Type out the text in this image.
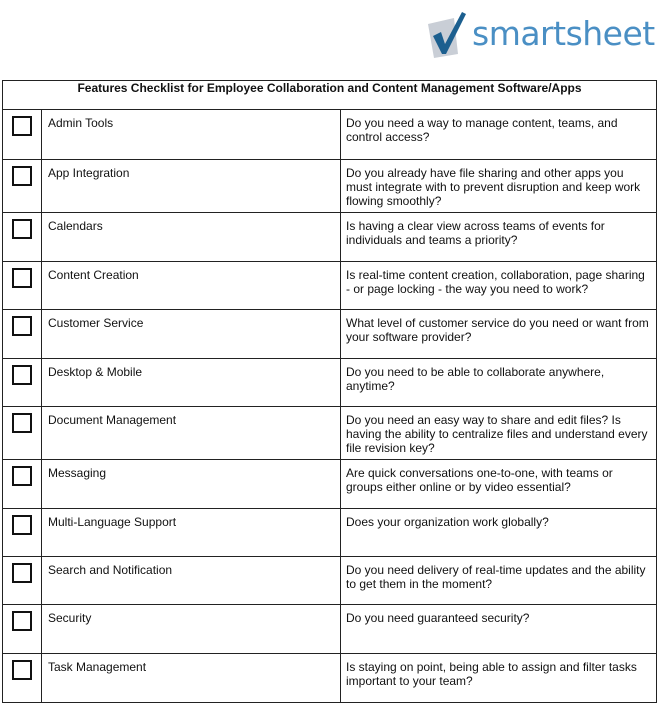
smartsheet
Features Checklist for Employee Collaboration and Content Management Software/Apps		
	Admin Tools	Do you need a way to manage content, teams, and control access?
	App Integration	Do you already have file sharing and other apps you must integrate with to prevent disruption and keep work flowing smoothly?
	Calendars	Is having a clear view across teams of events for individuals and teams a priority?
	Content Creation	Is real-time content creation, collaboration, page sharing - or page locking - the way you need to work?
	Customer Service	What level of customer service do you need or want from your software provider?
	Desktop & Mobile	Do you need to be able to collaborate anywhere, anytime?
	Document Management	Do you need an easy way to share and edit files? Is having the ability to centralize files and understand every file revision key?
	Messaging	Are quick conversations one-to-one, with teams or groups either online or by video essential?
	Multi-Language Support	Does your organization work globally?
	Search and Notification	Do you need delivery of real-time updates and the ability to get them in the moment?
	Security	Do you need guaranteed security?
	Task Management	Is staying on point, being able to assign and filter tasks important to your team?
